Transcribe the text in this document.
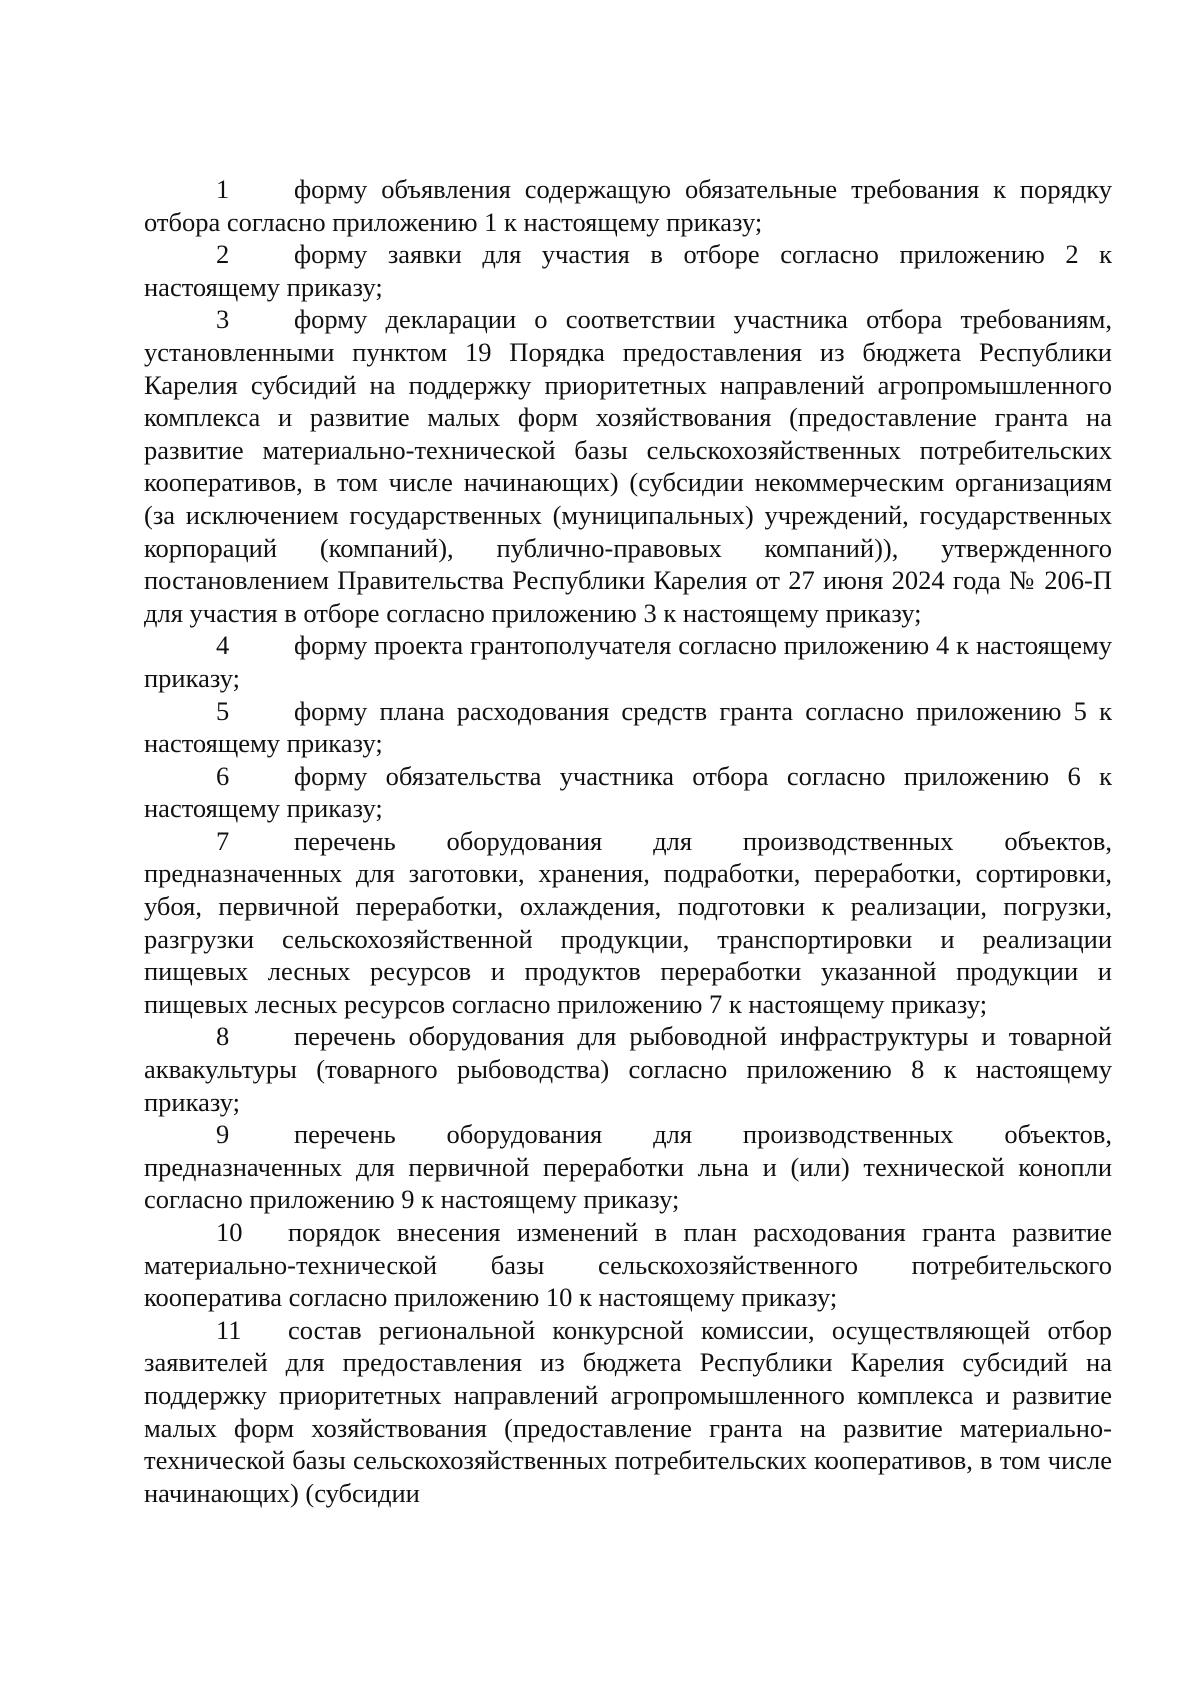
1 форму объявления содержащую обязательные требования к порядку отбора согласно приложению 1 к настоящему приказу;

2 форму заявки для участия в отборе согласно приложению 2 к настоящему приказу;

3 форму декларации о соответствии участника отбора требованиям, установленными пунктом 19 Порядка предоставления из бюджета Республики Карелия субсидий на поддержку приоритетных направлений агропромышленного комплекса и развитие малых форм хозяйствования (предоставление гранта на развитие материально-технической базы сельскохозяйственных потребительских кооперативов, в том числе начинающих) (субсидии некоммерческим организациям (за исключением государственных (муниципальных) учреждений, государственных корпораций (компаний), публично-правовых компаний)), утвержденного постановлением Правительства Республики Карелия от 27 июня 2024 года № 206-П для участия в отборе согласно приложению 3 к настоящему приказу;

4 форму проекта грантополучателя согласно приложению 4 к настоящему приказу;

5 форму плана расходования средств гранта согласно приложению 5 к настоящему приказу;

6 форму обязательства участника отбора согласно приложению 6 к настоящему приказу;

7 перечень оборудования для производственных объектов, предназначенных для заготовки, хранения, подработки, переработки, сортировки, убоя, первичной переработки, охлаждения, подготовки к реализации, погрузки, разгрузки сельскохозяйственной продукции, транспортировки и реализации пищевых лесных ресурсов и продуктов переработки указанной продукции и пищевых лесных ресурсов согласно приложению 7 к настоящему приказу;

8 перечень оборудования для рыбоводной инфраструктуры и товарной аквакультуры (товарного рыбоводства) согласно приложению 8 к настоящему приказу;

9 перечень оборудования для производственных объектов, предназначенных для первичной переработки льна и (или) технической конопли согласно приложению 9 к настоящему приказу;

10 порядок внесения изменений в план расходования гранта развитие материально-технической базы сельскохозяйственного потребительского кооператива согласно приложению 10 к настоящему приказу;

11 состав региональной конкурсной комиссии, осуществляющей отбор заявителей для предоставления из бюджета Республики Карелия субсидий на поддержку приоритетных направлений агропромышленного комплекса и развитие малых форм хозяйствования (предоставление гранта на развитие материально-технической базы сельскохозяйственных потребительских кооперативов, в том числе начинающих) (субсидии
